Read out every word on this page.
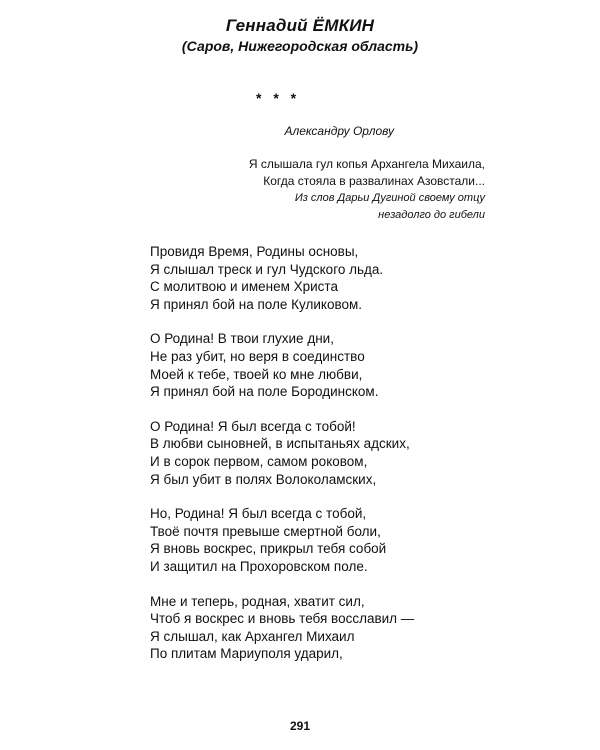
Геннадий ЁМКИН
(Саров, Нижегородская область)
* * *
Александру Орлову
Я слышала гул копья Архангела Михаила,
Когда стояла в развалинах Азовстали...
Из слов Дарьи Дугиной своему отцу
незадолго до гибели
Провидя Время, Родины основы,
Я слышал треск и гул Чудского льда.
С молитвою и именем Христа
Я принял бой на поле Куликовом.
О Родина! В твои глухие дни,
Не раз убит, но веря в соединство
Моей к тебе, твоей ко мне любви,
Я принял бой на поле Бородинском.
О Родина! Я был всегда с тобой!
В любви сыновней, в испытаньях адских,
И в сорок первом, самом роковом,
Я был убит в полях Волоколамских,
Но, Родина! Я был всегда с тобой,
Твоё почтя превыше смертной боли,
Я вновь воскрес, прикрыл тебя собой
И защитил на Прохоровском поле.
Мне и теперь, родная, хватит сил,
Чтоб я воскрес и вновь тебя восславил —
Я слышал, как Архангел Михаил
По плитам Мариуполя ударил,
291
